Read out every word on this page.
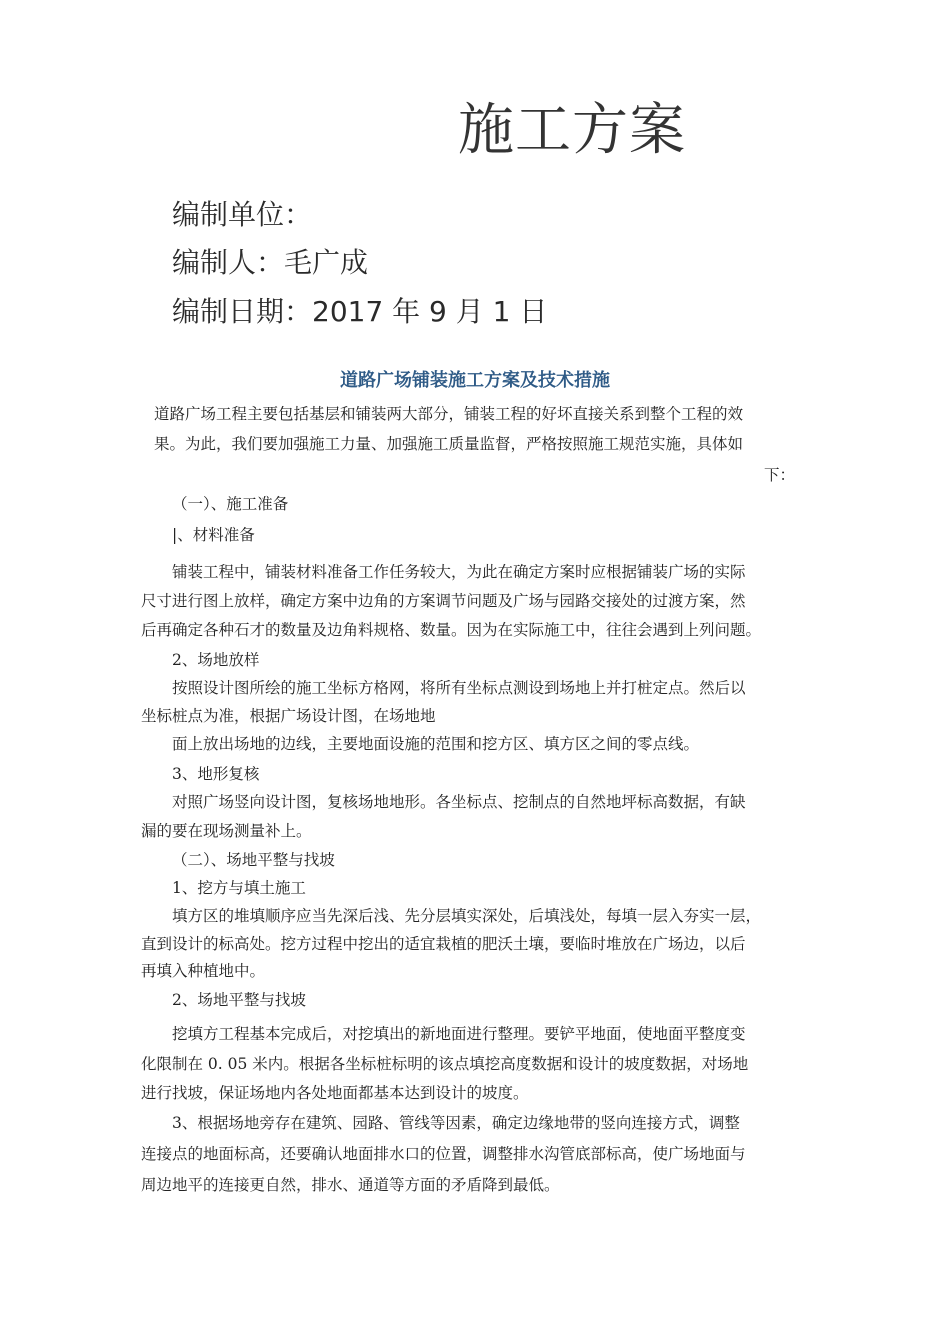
施工方案
编制单位：
编制人：毛广成
编制日期：2017 年 9 月 1 日
道路广场铺装施工方案及技术措施
道路广场工程主要包括基层和铺装两大部分，铺装工程的好坏直接关系到整个工程的效
果。为此，我们要加强施工力量、加强施工质量监督，严格按照施工规范实施，具体如
下：
（一）、施工准备
|、材料准备
铺装工程中，铺装材料准备工作任务较大，为此在确定方案时应根据铺装广场的实际
尺寸进行图上放样，确定方案中边角的方案调节问题及广场与园路交接处的过渡方案，然
后再确定各种石才的数量及边角料规格、数量。因为在实际施工中，往往会遇到上列问题。
2、场地放样
按照设计图所绘的施工坐标方格网，将所有坐标点测设到场地上并打桩定点。然后以
坐标桩点为准，根据广场设计图，在场地地
面上放出场地的边线，主要地面设施的范围和挖方区、填方区之间的零点线。
3、地形复核
对照广场竖向设计图，复核场地地形。各坐标点、挖制点的自然地坪标高数据，有缺
漏的要在现场测量补上。
（二）、场地平整与找坡
1、挖方与填土施工
填方区的堆填顺序应当先深后浅、先分层填实深处，后填浅处，每填一层入夯实一层，
直到设计的标高处。挖方过程中挖出的适宜栽植的肥沃土壤，要临时堆放在广场边，以后
再填入种植地中。
2、场地平整与找坡
挖填方工程基本完成后，对挖填出的新地面进行整理。要铲平地面，使地面平整度变
化限制在 0. 05 米内。根据各坐标桩标明的该点填挖高度数据和设计的坡度数据，对场地
进行找坡，保证场地内各处地面都基本达到设计的坡度。
3、根据场地旁存在建筑、园路、管线等因素，确定边缘地带的竖向连接方式，调整
连接点的地面标高，还要确认地面排水口的位置，调整排水沟管底部标高，使广场地面与
周边地平的连接更自然，排水、通道等方面的矛盾降到最低。
